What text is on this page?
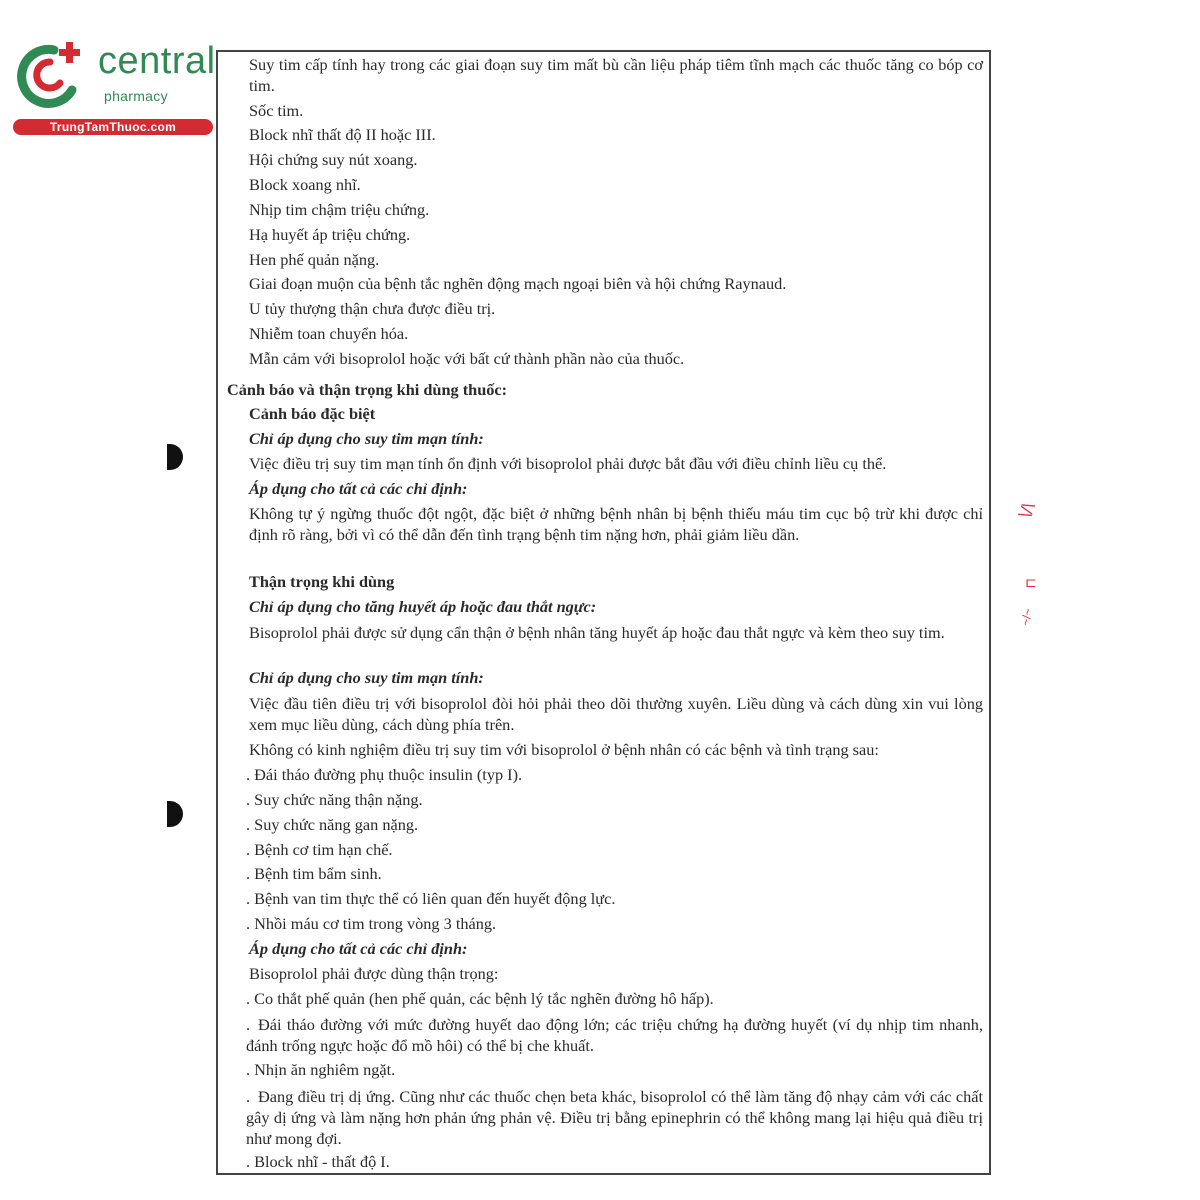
central
pharmacy
TrungTamThuoc.com
\/\
⊏
~/~
Suy tim cấp tính hay trong các giai đoạn suy tim mất bù cần liệu pháp tiêm tĩnh mạch các thuốc tăng co bóp cơ tim.
Sốc tim.
Block nhĩ thất độ II hoặc III.
Hội chứng suy nút xoang.
Block xoang nhĩ.
Nhịp tim chậm triệu chứng.
Hạ huyết áp triệu chứng.
Hen phế quản nặng.
Giai đoạn muộn của bệnh tắc nghẽn động mạch ngoại biên và hội chứng Raynaud.
U tủy thượng thận chưa được điều trị.
Nhiễm toan chuyển hóa.
Mẫn cảm với bisoprolol hoặc với bất cứ thành phần nào của thuốc.
Cảnh báo và thận trọng khi dùng thuốc:
Cảnh báo đặc biệt
Chỉ áp dụng cho suy tim mạn tính:
Việc điều trị suy tim mạn tính ổn định với bisoprolol phải được bắt đầu với điều chỉnh liều cụ thể.
Áp dụng cho tất cả các chỉ định:
Không tự ý ngừng thuốc đột ngột, đặc biệt ở những bệnh nhân bị bệnh thiếu máu tim cục bộ trừ khi được chỉ định rõ ràng, bởi vì có thể dẫn đến tình trạng bệnh tim nặng hơn, phải giảm liều dần.
Thận trọng khi dùng
Chỉ áp dụng cho tăng huyết áp hoặc đau thắt ngực:
Bisoprolol phải được sử dụng cẩn thận ở bệnh nhân tăng huyết áp hoặc đau thắt ngực và kèm theo suy tim.
Chỉ áp dụng cho suy tim mạn tính:
Việc đầu tiên điều trị với bisoprolol đòi hỏi phải theo dõi thường xuyên. Liều dùng và cách dùng xin vui lòng xem mục liều dùng, cách dùng phía trên.
Không có kinh nghiệm điều trị suy tim với bisoprolol ở bệnh nhân có các bệnh và tình trạng sau:
. Đái tháo đường phụ thuộc insulin (typ I).
. Suy chức năng thận nặng.
. Suy chức năng gan nặng.
. Bệnh cơ tim hạn chế.
. Bệnh tim bẩm sinh.
. Bệnh van tim thực thể có liên quan đến huyết động lực.
. Nhồi máu cơ tim trong vòng 3 tháng.
Áp dụng cho tất cả các chỉ định:
Bisoprolol phải được dùng thận trọng:
. Co thắt phế quản (hen phế quản, các bệnh lý tắc nghẽn đường hô hấp).
. Đái tháo đường với mức đường huyết dao động lớn; các triệu chứng hạ đường huyết (ví dụ nhịp tim nhanh, đánh trống ngực hoặc đổ mồ hôi) có thể bị che khuất.
. Nhịn ăn nghiêm ngặt.
. Đang điều trị dị ứng. Cũng như các thuốc chẹn beta khác, bisoprolol có thể làm tăng độ nhạy cảm với các chất gây dị ứng và làm nặng hơn phản ứng phản vệ. Điều trị bằng epinephrin có thể không mang lại hiệu quả điều trị như mong đợi.
. Block nhĩ - thất độ I.
